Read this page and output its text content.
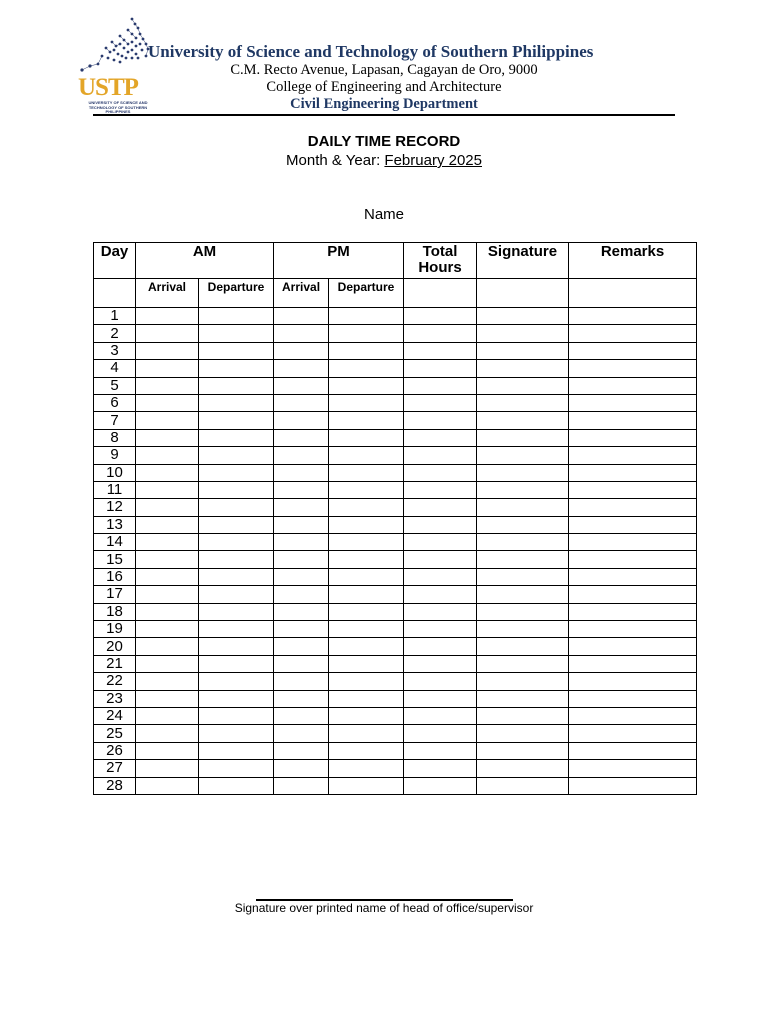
USTP
UNIVERSITY OF SCIENCE AND TECHNOLOGY OF SOUTHERN PHILIPPINES
University of Science and Technology of Southern Philippines
C.M. Recto Avenue, Lapasan, Cagayan de Oro, 9000
College of Engineering and Architecture
Civil Engineering Department
DAILY TIME RECORD
Month & Year: February 2025
Name
Day	AM		PM		Total Hours	Signature	Remarks
	Arrival	Departure	Arrival	Departure			
1							
2							
3							
4							
5							
6							
7							
8							
9							
10							
11							
12							
13							
14							
15							
16							
17							
18							
19							
20							
21							
22							
23							
24							
25							
26							
27							
28							
Signature over printed name of head of office/supervisor
